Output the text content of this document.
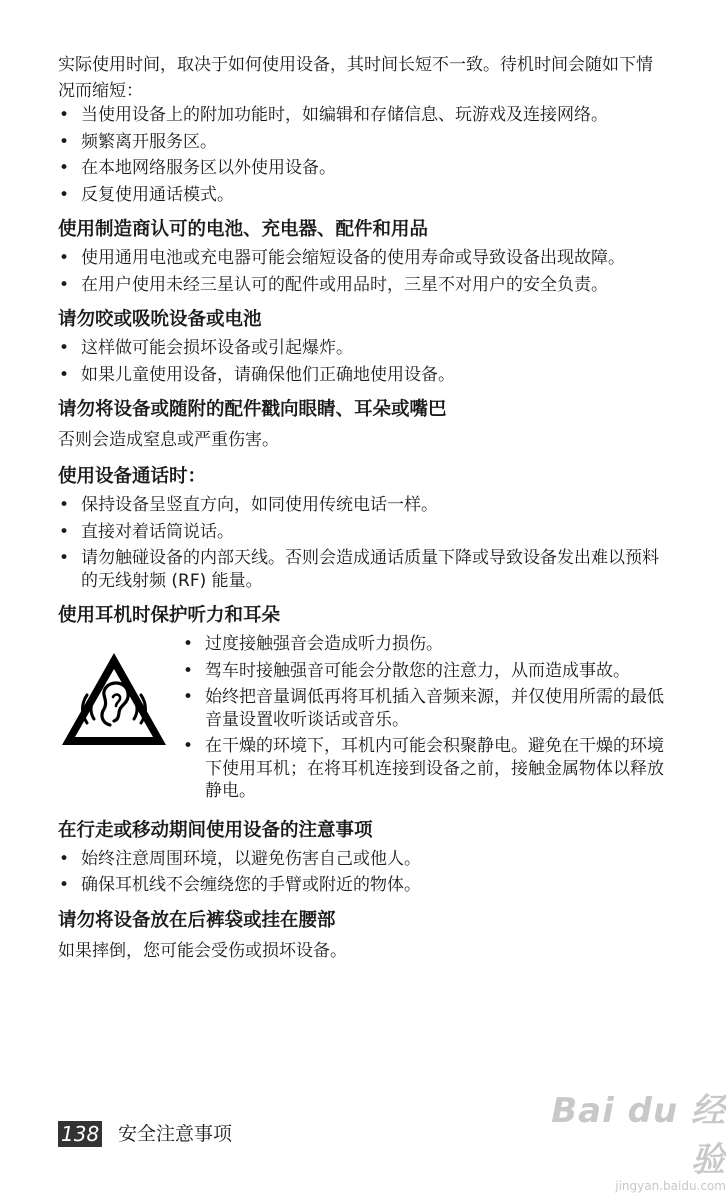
实际使用时间，取决于如何使用设备，其时间长短不一致。待机时间会随如下情况而缩短：

• 当使用设备上的附加功能时，如编辑和存储信息、玩游戏及连接网络。
• 频繁离开服务区。
• 在本地网络服务区以外使用设备。
• 反复使用通话模式。
使用制造商认可的电池、充电器、配件和用品
• 使用通用电池或充电器可能会缩短设备的使用寿命或导致设备出现故障。
• 在用户使用未经三星认可的配件或用品时，三星不对用户的安全负责。
请勿咬或吸吮设备或电池
• 这样做可能会损坏设备或引起爆炸。
• 如果儿童使用设备，请确保他们正确地使用设备。
请勿将设备或随附的配件戳向眼睛、耳朵或嘴巴

否则会造成窒息或严重伤害。

使用设备通话时：
• 保持设备呈竖直方向，如同使用传统电话一样。
• 直接对着话筒说话。
• 请勿触碰设备的内部天线。否则会造成通话质量下降或导致设备发出难以预料的无线射频 (RF) 能量。
使用耳机时保护听力和耳朵
• 过度接触强音会造成听力损伤。
• 驾车时接触强音可能会分散您的注意力，从而造成事故。
• 始终把音量调低再将耳机插入音频来源，并仅使用所需的最低音量设置收听谈话或音乐。
• 在干燥的环境下，耳机内可能会积聚静电。避免在干燥的环境下使用耳机；在将耳机连接到设备之前，接触金属物体以释放静电。
在行走或移动期间使用设备的注意事项
• 始终注意周围环境，以避免伤害自己或他人。
• 确保耳机线不会缠绕您的手臂或附近的物体。
请勿将设备放在后裤袋或挂在腰部

如果摔倒，您可能会受伤或损坏设备。

138 安全注意事项
Bai du 经验
jingyan.baidu.com
